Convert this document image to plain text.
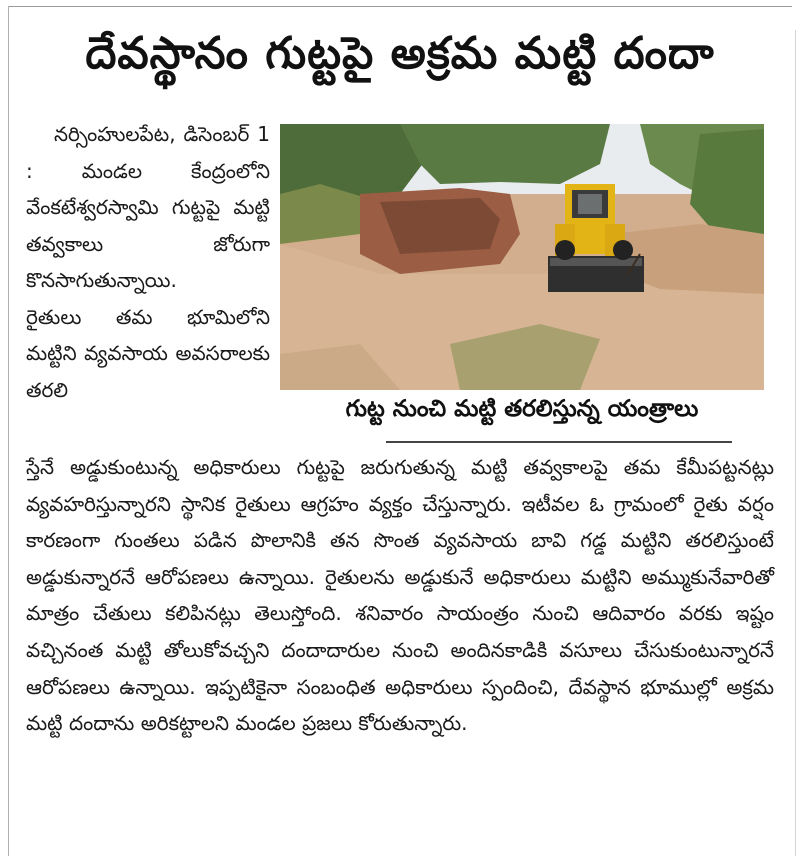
దేవస్థానం గుట్టపై అక్రమ మట్టి దందా
గుట్ట నుంచి మట్టి తరలిస్తున్న యంత్రాలు

నర్సింహులపేట, డిసెంబర్ 1 : మండల కేంద్రంలోని వేంకటేశ్వరస్వామి గుట్టపై మట్టి తవ్వకాలు జోరుగా కొనసాగుతున్నాయి.

రైతులు తమ భూమిలోని మట్టిని వ్యవసాయ అవసరాలకు తరలి

స్తేనే అడ్డుకుంటున్న అధికారులు గుట్టపై జరుగుతున్న మట్టి తవ్వకాలపై తమ కేమీపట్టనట్లు వ్యవహరిస్తున్నారని స్థానిక రైతులు ఆగ్రహం వ్యక్తం చేస్తున్నారు. ఇటీవల ఓ గ్రామంలో రైతు వర్షం కారణంగా గుంతలు పడిన పొలానికి తన సొంత వ్యవసాయ బావి గడ్డ మట్టిని తరలిస్తుంటే అడ్డుకున్నారనే ఆరోపణలు ఉన్నాయి. రైతులను అడ్డుకునే అధికారులు మట్టిని అమ్ముకునేవారితో మాత్రం చేతులు కలిపినట్లు తెలుస్తోంది. శనివారం సాయంత్రం నుంచి ఆదివారం వరకు ఇష్టం వచ్చినంత మట్టి తోలుకోవచ్చని దందాదారుల నుంచి అందినకాడికి వసూలు చేసుకుంటున్నారనే ఆరోపణలు ఉన్నాయి. ఇప్పటికైనా సంబంధిత అధికారులు స్పందించి, దేవస్థాన భూముల్లో అక్రమ మట్టి దందాను అరికట్టాలని మండల ప్రజలు కోరుతున్నారు.
